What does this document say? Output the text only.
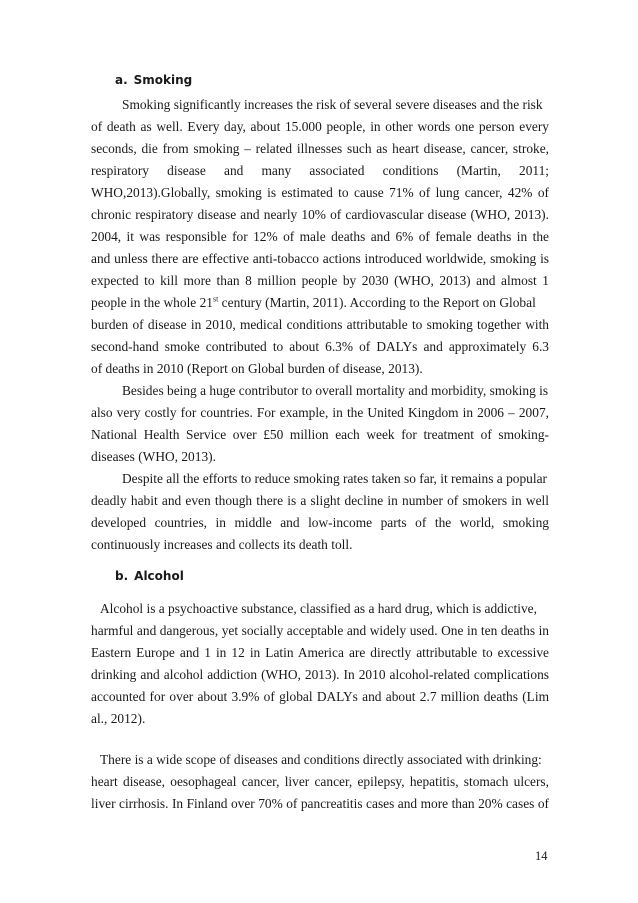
a. Smoking

Smoking significantly increases the risk of several severe diseases and the risk
of death as well. Every day, about 15.000 people, in other words one person every
seconds, die from smoking – related illnesses such as heart disease, cancer, stroke,
respiratory disease and many associated conditions (Martin, 2011;
WHO,2013).Globally, smoking is estimated to cause 71% of lung cancer, 42% of
chronic respiratory disease and nearly 10% of cardiovascular disease (WHO, 2013).
2004, it was responsible for 12% of male deaths and 6% of female deaths in the
and unless there are effective anti-tobacco actions introduced worldwide, smoking is
expected to kill more than 8 million people by 2030 (WHO, 2013) and almost 1
people in the whole 21st century (Martin, 2011). According to the Report on Global
burden of disease in 2010, medical conditions attributable to smoking together with
second-hand smoke contributed to about 6.3% of DALYs and approximately 6.3
of deaths in 2010 (Report on Global burden of disease, 2013).

Besides being a huge contributor to overall mortality and morbidity, smoking is
also very costly for countries. For example, in the United Kingdom in 2006 – 2007,
National Health Service over £50 million each week for treatment of smoking-
diseases (WHO, 2013).

Despite all the efforts to reduce smoking rates taken so far, it remains a popular
deadly habit and even though there is a slight decline in number of smokers in well
developed countries, in middle and low-income parts of the world, smoking
continuously increases and collects its death toll.

b. Alcohol

Alcohol is a psychoactive substance, classified as a hard drug, which is addictive,
harmful and dangerous, yet socially acceptable and widely used. One in ten deaths in
Eastern Europe and 1 in 12 in Latin America are directly attributable to excessive
drinking and alcohol addiction (WHO, 2013). In 2010 alcohol-related complications
accounted for over about 3.9% of global DALYs and about 2.7 million deaths (Lim
al., 2012).

There is a wide scope of diseases and conditions directly associated with drinking:
heart disease, oesophageal cancer, liver cancer, epilepsy, hepatitis, stomach ulcers,
liver cirrhosis. In Finland over 70% of pancreatitis cases and more than 20% cases of

14
